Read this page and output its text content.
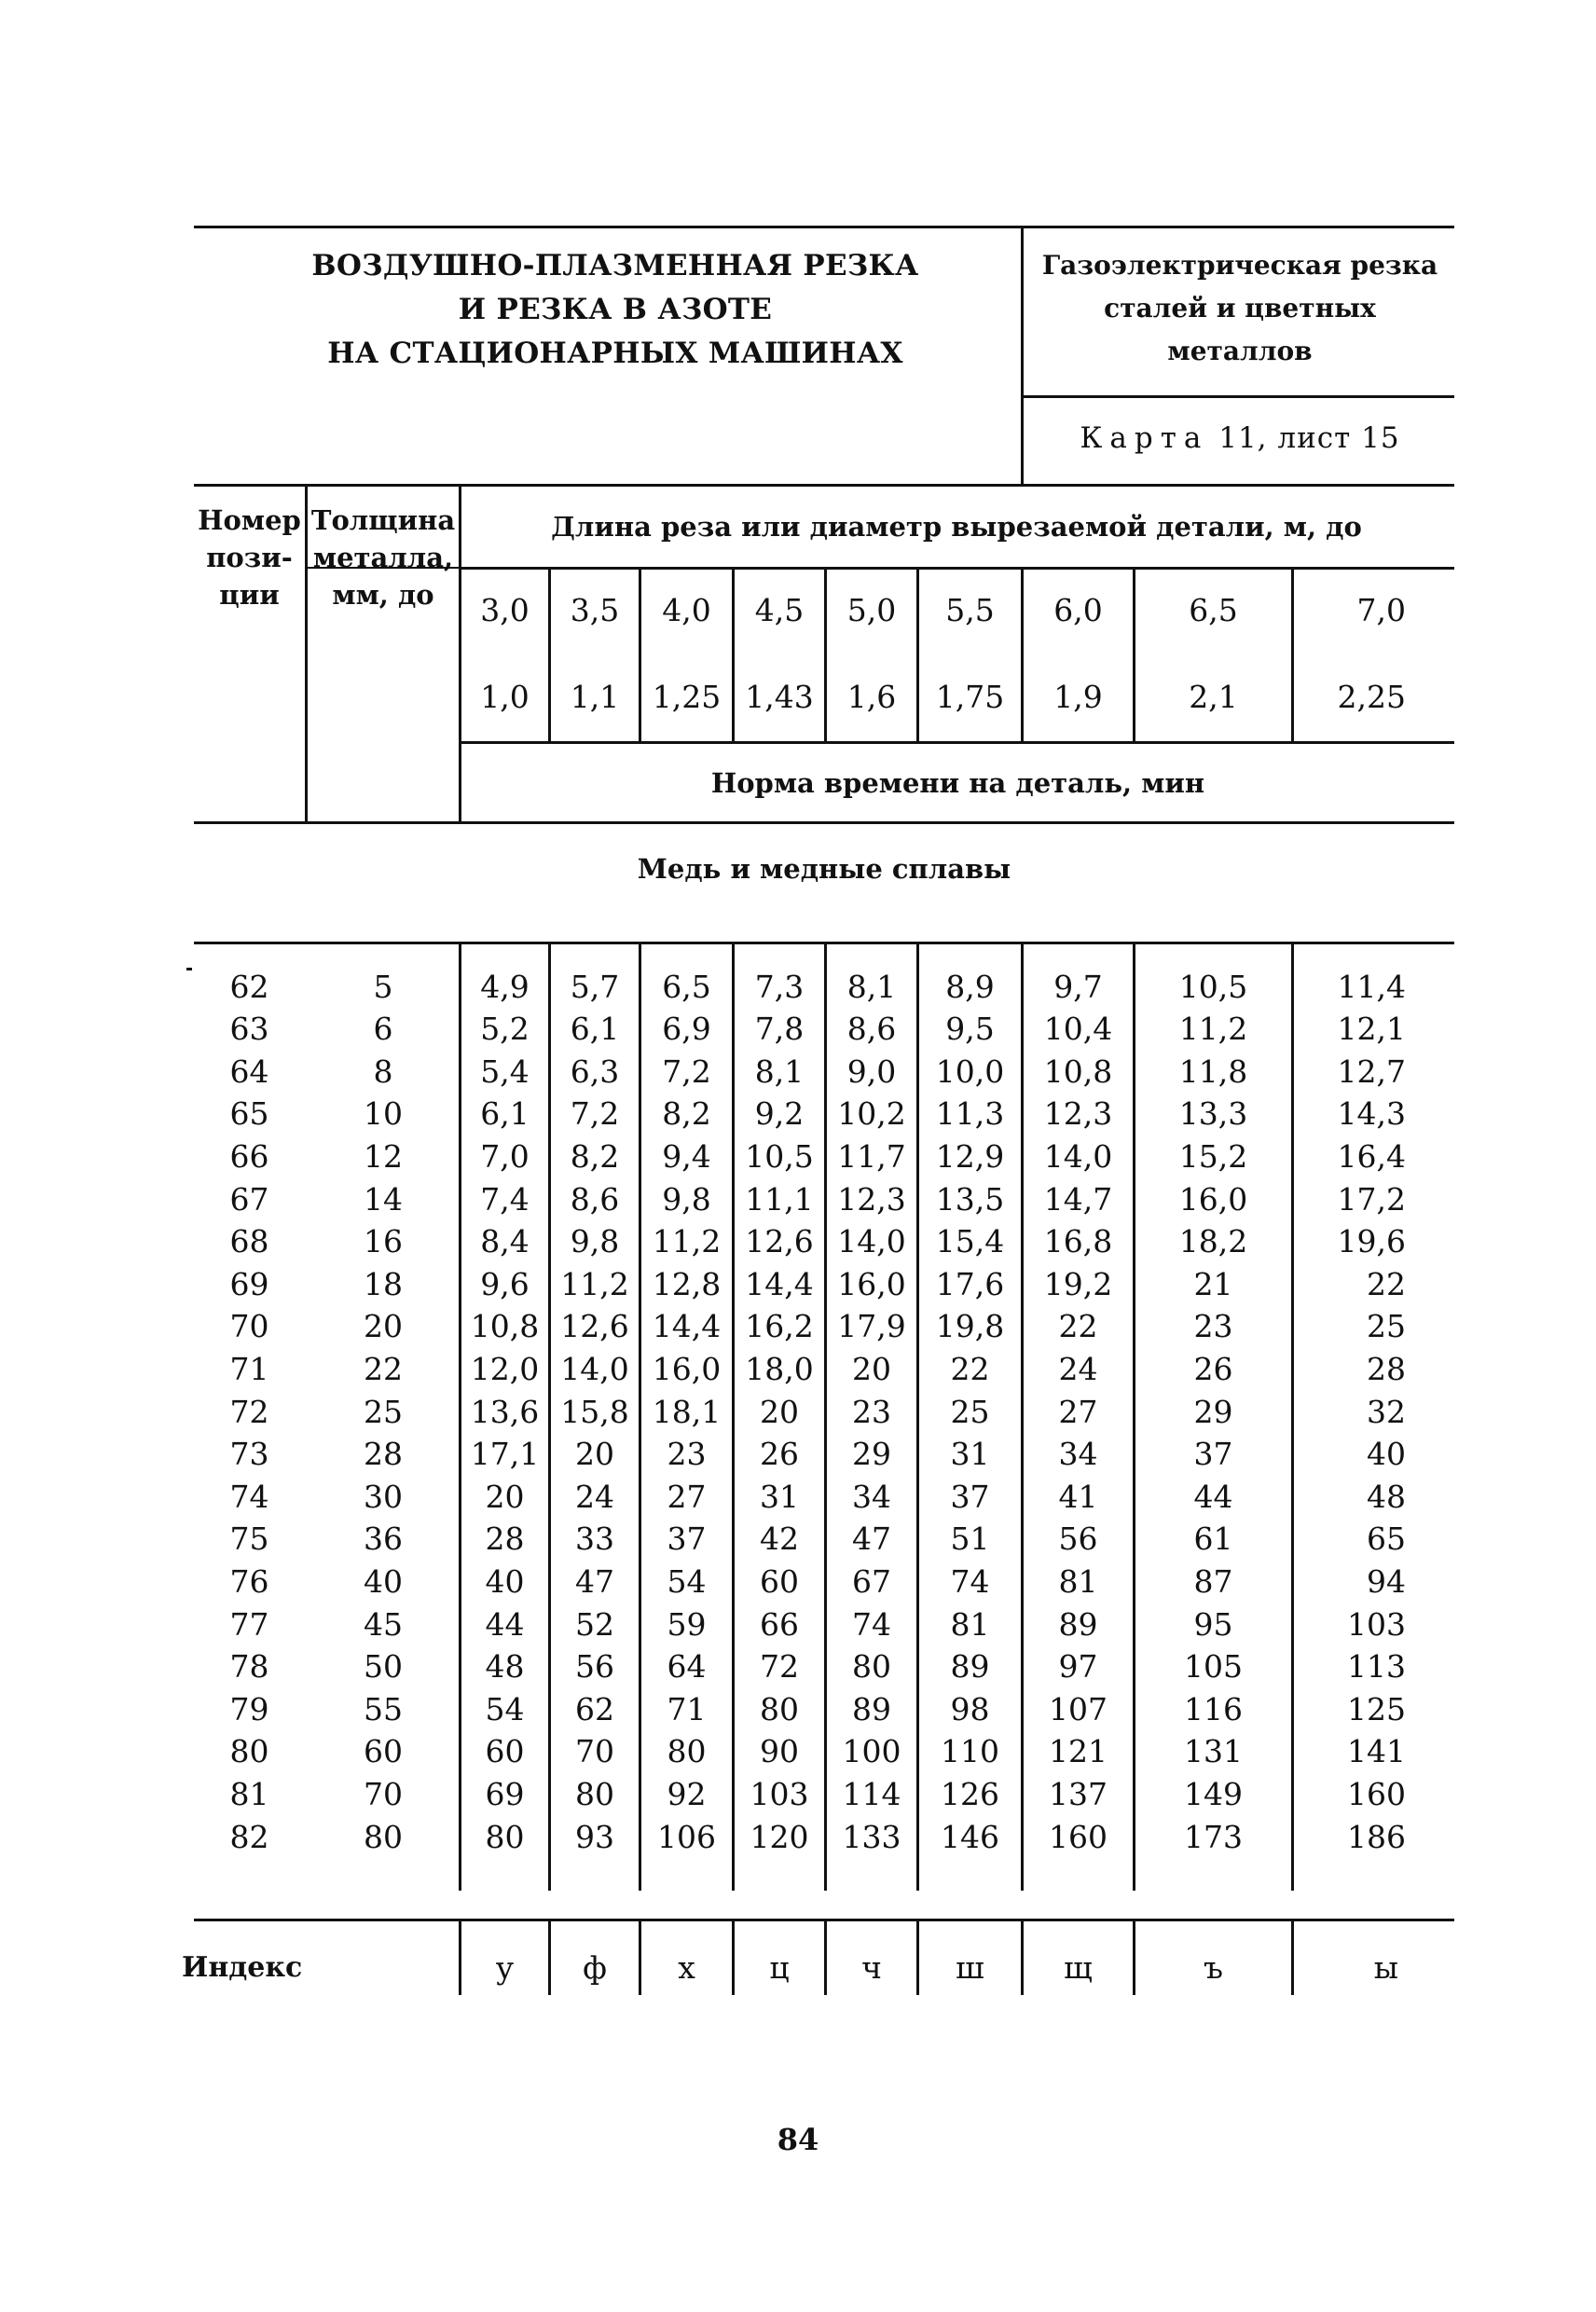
ВОЗДУШНО-ПЛАЗМЕННАЯ РЕЗКА
И РЕЗКА В АЗОТЕ
НА СТАЦИОНАРНЫХ МАШИНАХ
Газоэлектрическая резка
сталей и цветных
металлов
Карта 11, лист 15
Номер
пози-
ции
Толщина
металла,
мм, до
Длина реза или диаметр вырезаемой детали, м, до
3,0	3,5	4,0	4,5	5,0	5,5	6,0	6,5	7,0
1,0	1,1	1,25 1,43	1,6	1,75	1,9	2,1	2,25
Норма времени на деталь, мин
Медь и медные сплавы
62	5	4,9	5,7	6,5	7,3	8,1	8,9	9,7	10,5	11,4
63	6	5,2	6,1	6,9	7,8	8,6	9,5	10,4	11,2	12,1
64	8	5,4	6,3	7,2	8,1	9,0	10,0	10,8	11,8	12,7
65	10	6,1	7,2	8,2	9,2	10,2 11,3	12,3	13,3	14,3
66	12	7,0	8,2	9,4	10,5 11,7 12,9	14,0	15,2	16,4
67	14	7,4	8,6	9,8	11,1 12,3 13,5	14,7	16,0	17,2
68	16	8,4	9,8	11,2 12,6 14,0 15,4	16,8	18,2	19,6
69	18	9,6	11,2 12,8 14,4 16,0 17,6	19,2	21	22
70	20	10,8 12,6 14,4 16,2 17,9 19,8	22	23	25
71	22	12,0 14,0 16,0 18,0	20	22	24	26	28
72	25	13,6 15,8 18,1	20	23	25	27	29	32
73	28	17,1	20	23	26	29	31	34	37	40
74	30	20	24	27	31	34	37	41	44	48
75	36	28	33	37	42	47	51	56	61	65
76	40	40	47	54	60	67	74	81	87	94
77	45	44	52	59	66	74	81	89	95	103
78	50	48	56	64	72	80	89	97	105	113
79	55	54	62	71	80	89	98	107	116	125
80	60	60	70	80	90	100	110	121	131	141
81	70	69	80	92	103	114	126	137	149	160
82	80	80	93	106	120	133	146	160	173	186
Индекс	у	ф	х	ц	ч	ш	щ	ъ	ы
84
